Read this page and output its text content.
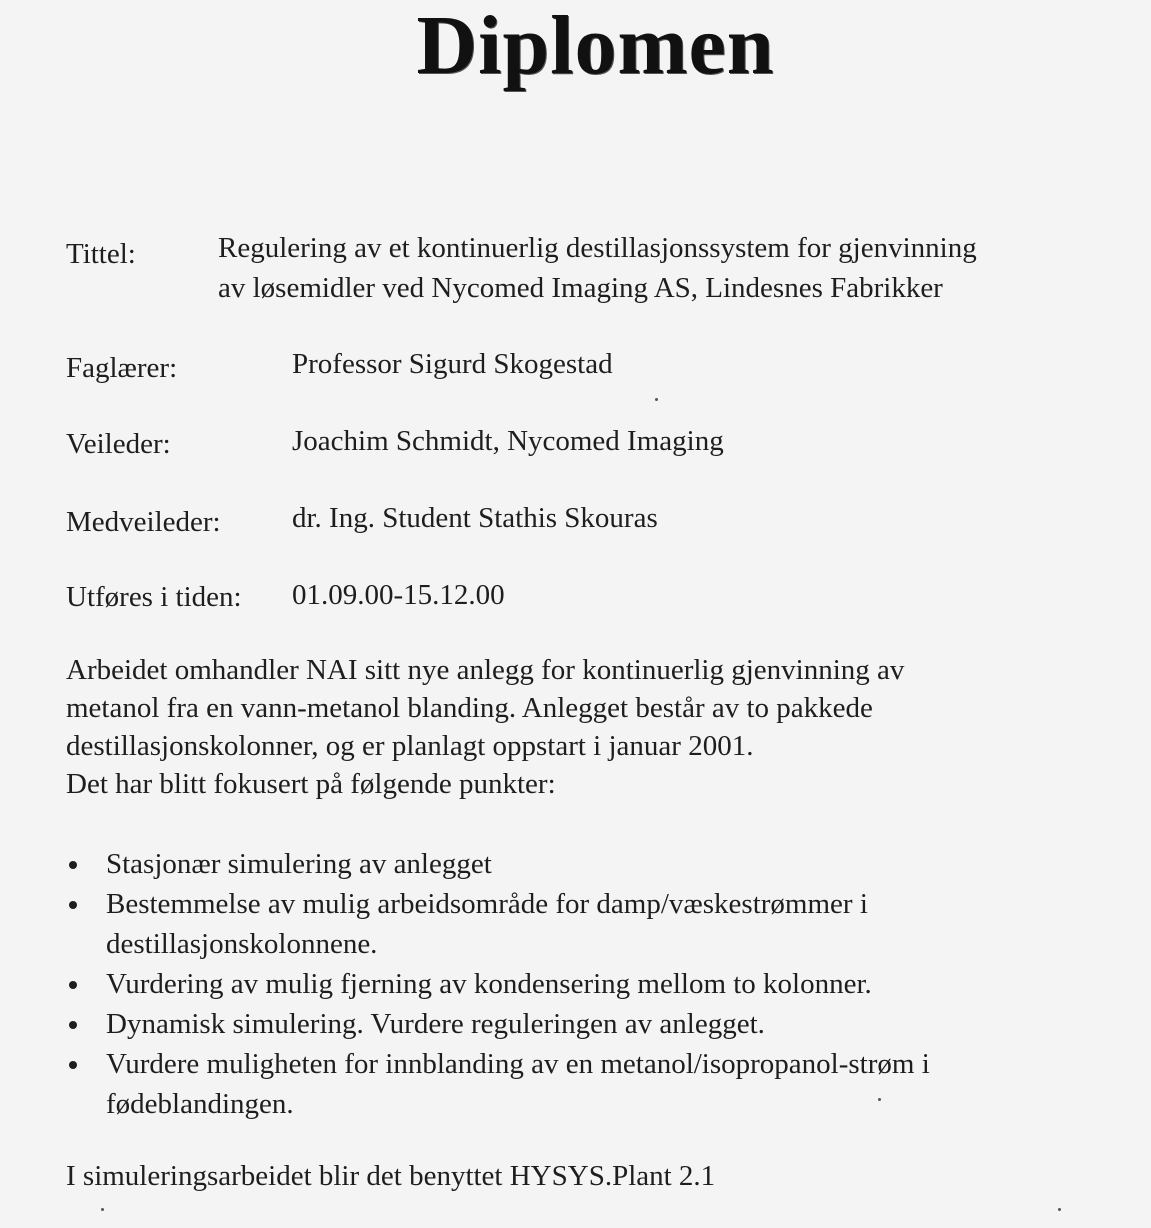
Diplomen
Tittel:	Regulering av et kontinuerlig destillasjonssystem for gjenvinning
av løsemidler ved Nycomed Imaging AS, Lindesnes Fabrikker
Faglærer:	Professor Sigurd Skogestad
Veileder:	Joachim Schmidt, Nycomed Imaging
Medveileder: dr. Ing. Student Stathis Skouras
Utføres i tiden: 01.09.00-15.12.00
Arbeidet omhandler NAI sitt nye anlegg for kontinuerlig gjenvinning av
metanol fra en vann-metanol blanding. Anlegget består av to pakkede
destillasjonskolonner, og er planlagt oppstart i januar 2001.
Det har blitt fokusert på følgende punkter:
Stasjonær simulering av anlegget
Bestemmelse av mulig arbeidsområde for damp/væskestrømmer i
destillasjonskolonnene.
Vurdering av mulig fjerning av kondensering mellom to kolonner.
Dynamisk simulering. Vurdere reguleringen av anlegget.
Vurdere muligheten for innblanding av en metanol/isopropanol-strøm i
fødeblandingen.
I simuleringsarbeidet blir det benyttet HYSYS.Plant 2.1
